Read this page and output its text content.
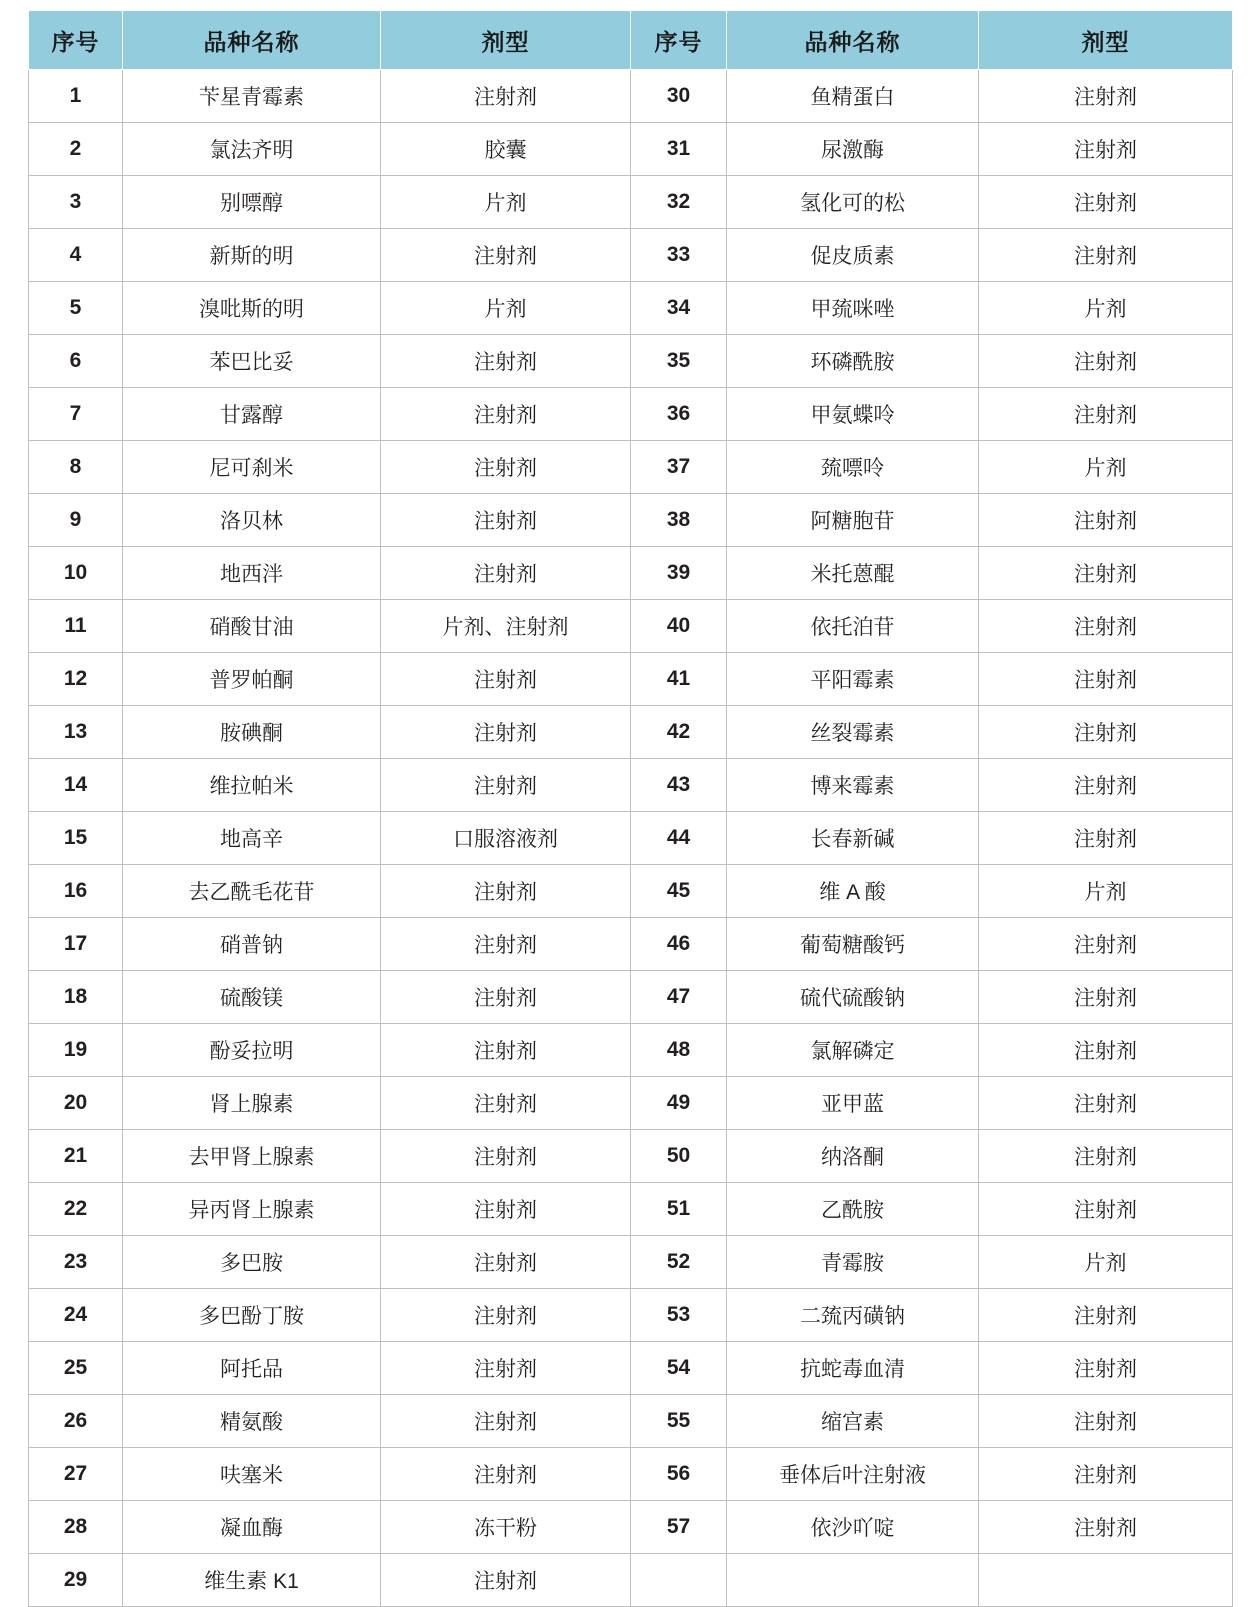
序号	品种名称	剂型	序号	品种名称	剂型
1	苄星青霉素	注射剂	30	鱼精蛋白	注射剂
2	氯法齐明	胶囊	31	尿激酶	注射剂
3	别嘌醇	片剂	32	氢化可的松	注射剂
4	新斯的明	注射剂	33	促皮质素	注射剂
5	溴吡斯的明	片剂	34	甲巯咪唑	片剂
6	苯巴比妥	注射剂	35	环磷酰胺	注射剂
7	甘露醇	注射剂	36	甲氨蝶呤	注射剂
8	尼可刹米	注射剂	37	巯嘌呤	片剂
9	洛贝林	注射剂	38	阿糖胞苷	注射剂
10	地西泮	注射剂	39	米托蒽醌	注射剂
11	硝酸甘油	片剂、注射剂	40	依托泊苷	注射剂
12	普罗帕酮	注射剂	41	平阳霉素	注射剂
13	胺碘酮	注射剂	42	丝裂霉素	注射剂
14	维拉帕米	注射剂	43	博来霉素	注射剂
15	地高辛	口服溶液剂	44	长春新碱	注射剂
16	去乙酰毛花苷	注射剂	45	维 A 酸	片剂
17	硝普钠	注射剂	46	葡萄糖酸钙	注射剂
18	硫酸镁	注射剂	47	硫代硫酸钠	注射剂
19	酚妥拉明	注射剂	48	氯解磷定	注射剂
20	肾上腺素	注射剂	49	亚甲蓝	注射剂
21	去甲肾上腺素	注射剂	50	纳洛酮	注射剂
22	异丙肾上腺素	注射剂	51	乙酰胺	注射剂
23	多巴胺	注射剂	52	青霉胺	片剂
24	多巴酚丁胺	注射剂	53	二巯丙磺钠	注射剂
25	阿托品	注射剂	54	抗蛇毒血清	注射剂
26	精氨酸	注射剂	55	缩宫素	注射剂
27	呋塞米	注射剂	56	垂体后叶注射液	注射剂
28	凝血酶	冻干粉	57	依沙吖啶	注射剂
29	维生素 K1	注射剂			
